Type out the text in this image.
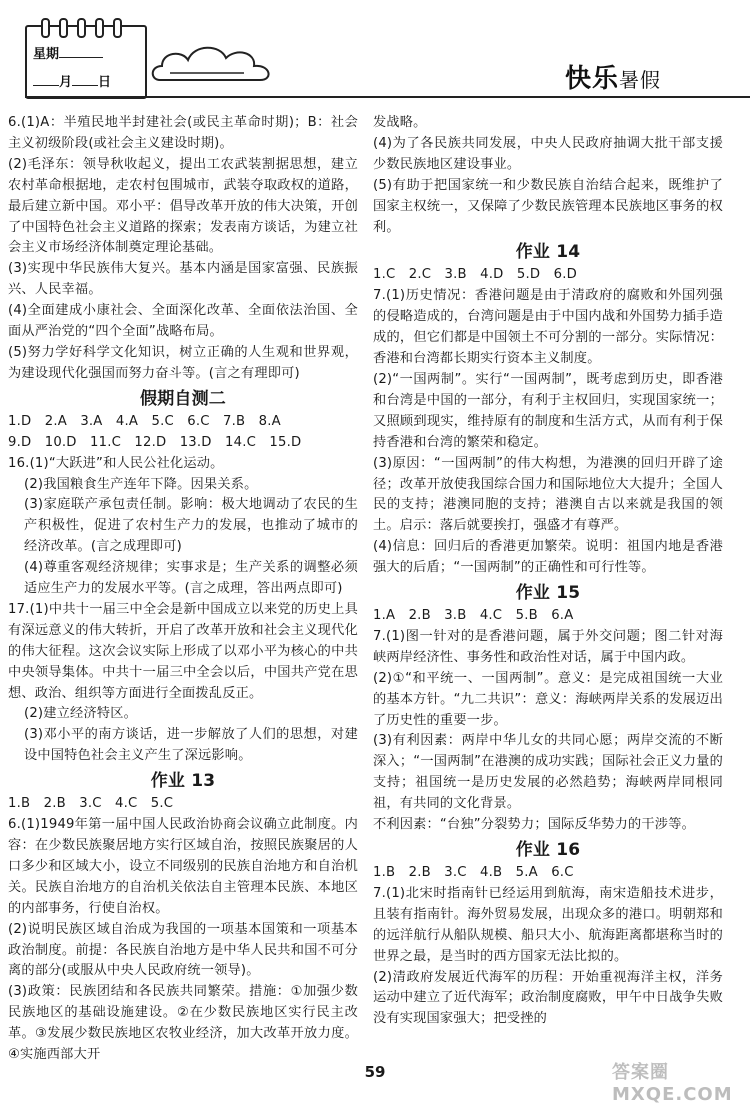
星期
月 日	快乐暑假

6.(1)A：半殖民地半封建社会(或民主革命时期)；B：社会主义初级阶段(或社会主义建设时期)。

(2)毛泽东：领导秋收起义，提出工农武装割据思想，建立农村革命根据地，走农村包围城市，武装夺取政权的道路，最后建立新中国。邓小平：倡导改革开放的伟大决策，开创了中国特色社会主义道路的探索；发表南方谈话，为建立社会主义市场经济体制奠定理论基础。

(3)实现中华民族伟大复兴。基本内涵是国家富强、民族振兴、人民幸福。

(4)全面建成小康社会、全面深化改革、全面依法治国、全面从严治党的“四个全面”战略布局。

(5)努力学好科学文化知识，树立正确的人生观和世界观，为建设现代化强国而努力奋斗等。(言之有理即可)

假期自测二

1.D　2.A　3.A　4.A　5.C　6.C　7.B　8.A

9.D　10.D　11.C　12.D　13.D　14.C　15.D

16.(1)“大跃进”和人民公社化运动。

(2)我国粮食生产连年下降。因果关系。

(3)家庭联产承包责任制。影响：极大地调动了农民的生产积极性，促进了农村生产力的发展，也推动了城市的经济改革。(言之成理即可)

(4)尊重客观经济规律；实事求是；生产关系的调整必须适应生产力的发展水平等。(言之成理，答出两点即可)

17.(1)中共十一届三中全会是新中国成立以来党的历史上具有深远意义的伟大转折，开启了改革开放和社会主义现代化的伟大征程。这次会议实际上形成了以邓小平为核心的中共中央领导集体。中共十一届三中全会以后，中国共产党在思想、政治、组织等方面进行全面拨乱反正。

(2)建立经济特区。

(3)邓小平的南方谈话，进一步解放了人们的思想，对建设中国特色社会主义产生了深远影响。

作业 13

1.B　2.B　3.C　4.C　5.C

6.(1)1949年第一届中国人民政治协商会议确立此制度。内容：在少数民族聚居地方实行区域自治，按照民族聚居的人口多少和区域大小，设立不同级别的民族自治地方和自治机关。民族自治地方的自治机关依法自主管理本民族、本地区的内部事务，行使自治权。

(2)说明民族区域自治成为我国的一项基本国策和一项基本政治制度。前提：各民族自治地方是中华人民共和国不可分离的部分(或服从中央人民政府统一领导)。

(3)政策：民族团结和各民族共同繁荣。措施：①加强少数民族地区的基础设施建设。②在少数民族地区实行民主改革。③发展少数民族地区农牧业经济，加大改革开放力度。④实施西部大开

发战略。

(4)为了各民族共同发展，中央人民政府抽调大批干部支援少数民族地区建设事业。

(5)有助于把国家统一和少数民族自治结合起来，既维护了国家主权统一，又保障了少数民族管理本民族地区事务的权利。

作业 14

1.C　2.C　3.B　4.D　5.D　6.D

7.(1)历史情况：香港问题是由于清政府的腐败和外国列强的侵略造成的，台湾问题是由于中国内战和外国势力插手造成的，但它们都是中国领土不可分割的一部分。实际情况：香港和台湾都长期实行资本主义制度。

(2)“一国两制”。实行“一国两制”，既考虑到历史，即香港和台湾是中国的一部分，有利于主权回归，实现国家统一；又照顾到现实，维持原有的制度和生活方式，从而有利于保持香港和台湾的繁荣和稳定。

(3)原因：“一国两制”的伟大构想，为港澳的回归开辟了途径；改革开放使我国综合国力和国际地位大大提升；全国人民的支持；港澳同胞的支持；港澳自古以来就是我国的领土。启示：落后就要挨打，强盛才有尊严。

(4)信息：回归后的香港更加繁荣。说明：祖国内地是香港强大的后盾；“一国两制”的正确性和可行性等。

作业 15

1.A　2.B　3.B　4.C　5.B　6.A

7.(1)图一针对的是香港问题，属于外交问题；图二针对海峡两岸经济性、事务性和政治性对话，属于中国内政。

(2)①“和平统一、一国两制”。意义：是完成祖国统一大业的基本方针。“九二共识”：意义：海峡两岸关系的发展迈出了历史性的重要一步。

(3)有利因素：两岸中华儿女的共同心愿；两岸交流的不断深入；“一国两制”在港澳的成功实践；国际社会正义力量的支持；祖国统一是历史发展的必然趋势；海峡两岸同根同祖，有共同的文化背景。

不利因素：“台独”分裂势力；国际反华势力的干涉等。

作业 16

1.B　2.B　3.C　4.B　5.A　6.C

7.(1)北宋时指南针已经运用到航海，南宋造船技术进步，且装有指南针。海外贸易发展，出现众多的港口。明朝郑和的远洋航行从船队规模、船只大小、航海距离都堪称当时的世界之最，是当时的西方国家无法比拟的。

(2)清政府发展近代海军的历程：开始重视海洋主权，洋务运动中建立了近代海军；政治制度腐败，甲午中日战争失败没有实现国家强大；把受挫的

59	答案圈 MXQE.COM
